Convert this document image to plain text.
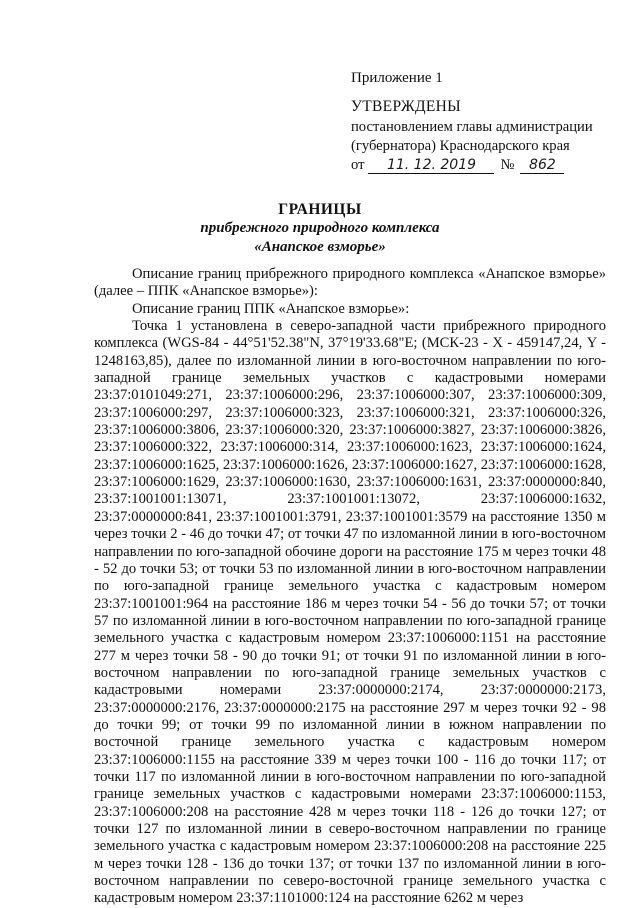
Приложение 1
УТВЕРЖДЕНЫ
постановлением главы администрации
(губернатора) Краснодарского края
от 11. 12. 2019 № 862
ГРАНИЦЫ
прибрежного природного комплекса
«Анапское взморье»

Описание границ прибрежного природного комплекса «Анапское взморье» (далее – ППК «Анапское взморье»):

Описание границ ППК «Анапское взморье»:

Точка 1 установлена в северо-западной части прибрежного природного комплекса (WGS-84 - 44°51'52.38"N, 37°19'33.68"E; (МСК-23 - Х - 459147,24, Y - 1248163,85), далее по изломанной линии в юго-восточном направлении по юго-западной границе земельных участков с кадастровыми номерами 23:37:0101049:271, 23:37:1006000:296, 23:37:1006000:307, 23:37:1006000:309, 23:37:1006000:297, 23:37:1006000:323, 23:37:1006000:321, 23:37:1006000:326, 23:37:1006000:3806, 23:37:1006000:320, 23:37:1006000:3827, 23:37:1006000:3826, 23:37:1006000:322, 23:37:1006000:314, 23:37:1006000:1623, 23:37:1006000:1624, 23:37:1006000:1625, 23:37:1006000:1626, 23:37:1006000:1627, 23:37:1006000:1628, 23:37:1006000:1629, 23:37:1006000:1630, 23:37:1006000:1631, 23:37:0000000:840, 23:37:1001001:13071, 23:37:1001001:13072, 23:37:1006000:1632, 23:37:0000000:841, 23:37:1001001:3791, 23:37:1001001:3579 на расстояние 1350 м через точки 2 - 46 до точки 47; от точки 47 по изломанной линии в юго-восточном направлении по юго-западной обочине дороги на расстояние 175 м через точки 48 - 52 до точки 53; от точки 53 по изломанной линии в юго-восточном направлении по юго-западной границе земельного участка с кадастровым номером 23:37:1001001:964 на расстояние 186 м через точки 54 - 56 до точки 57; от точки 57 по изломанной линии в юго-восточном направлении по юго-западной границе земельного участка с кадастровым номером 23:37:1006000:1151 на расстояние 277 м через точки 58 - 90 до точки 91; от точки 91 по изломанной линии в юго-восточном направлении по юго-западной границе земельных участков с кадастровыми номерами 23:37:0000000:2174, 23:37:0000000:2173, 23:37:0000000:2176, 23:37:0000000:2175 на расстояние 297 м через точки 92 - 98 до точки 99; от точки 99 по изломанной линии в южном направлении по восточной границе земельного участка с кадастровым номером 23:37:1006000:1155 на расстояние 339 м через точки 100 - 116 до точки 117; от точки 117 по изломанной линии в юго-восточном направлении по юго-западной границе земельных участков с кадастровыми номерами 23:37:1006000:1153, 23:37:1006000:208 на расстояние 428 м через точки 118 - 126 до точки 127; от точки 127 по изломанной линии в северо-восточном направлении по границе земельного участка с кадастровым номером 23:37:1006000:208 на расстояние 225 м через точки 128 - 136 до точки 137; от точки 137 по изломанной линии в юго-восточном направлении по северо-восточной границе земельного участка с кадастровым номером 23:37:1101000:124 на расстояние 6262 м через
